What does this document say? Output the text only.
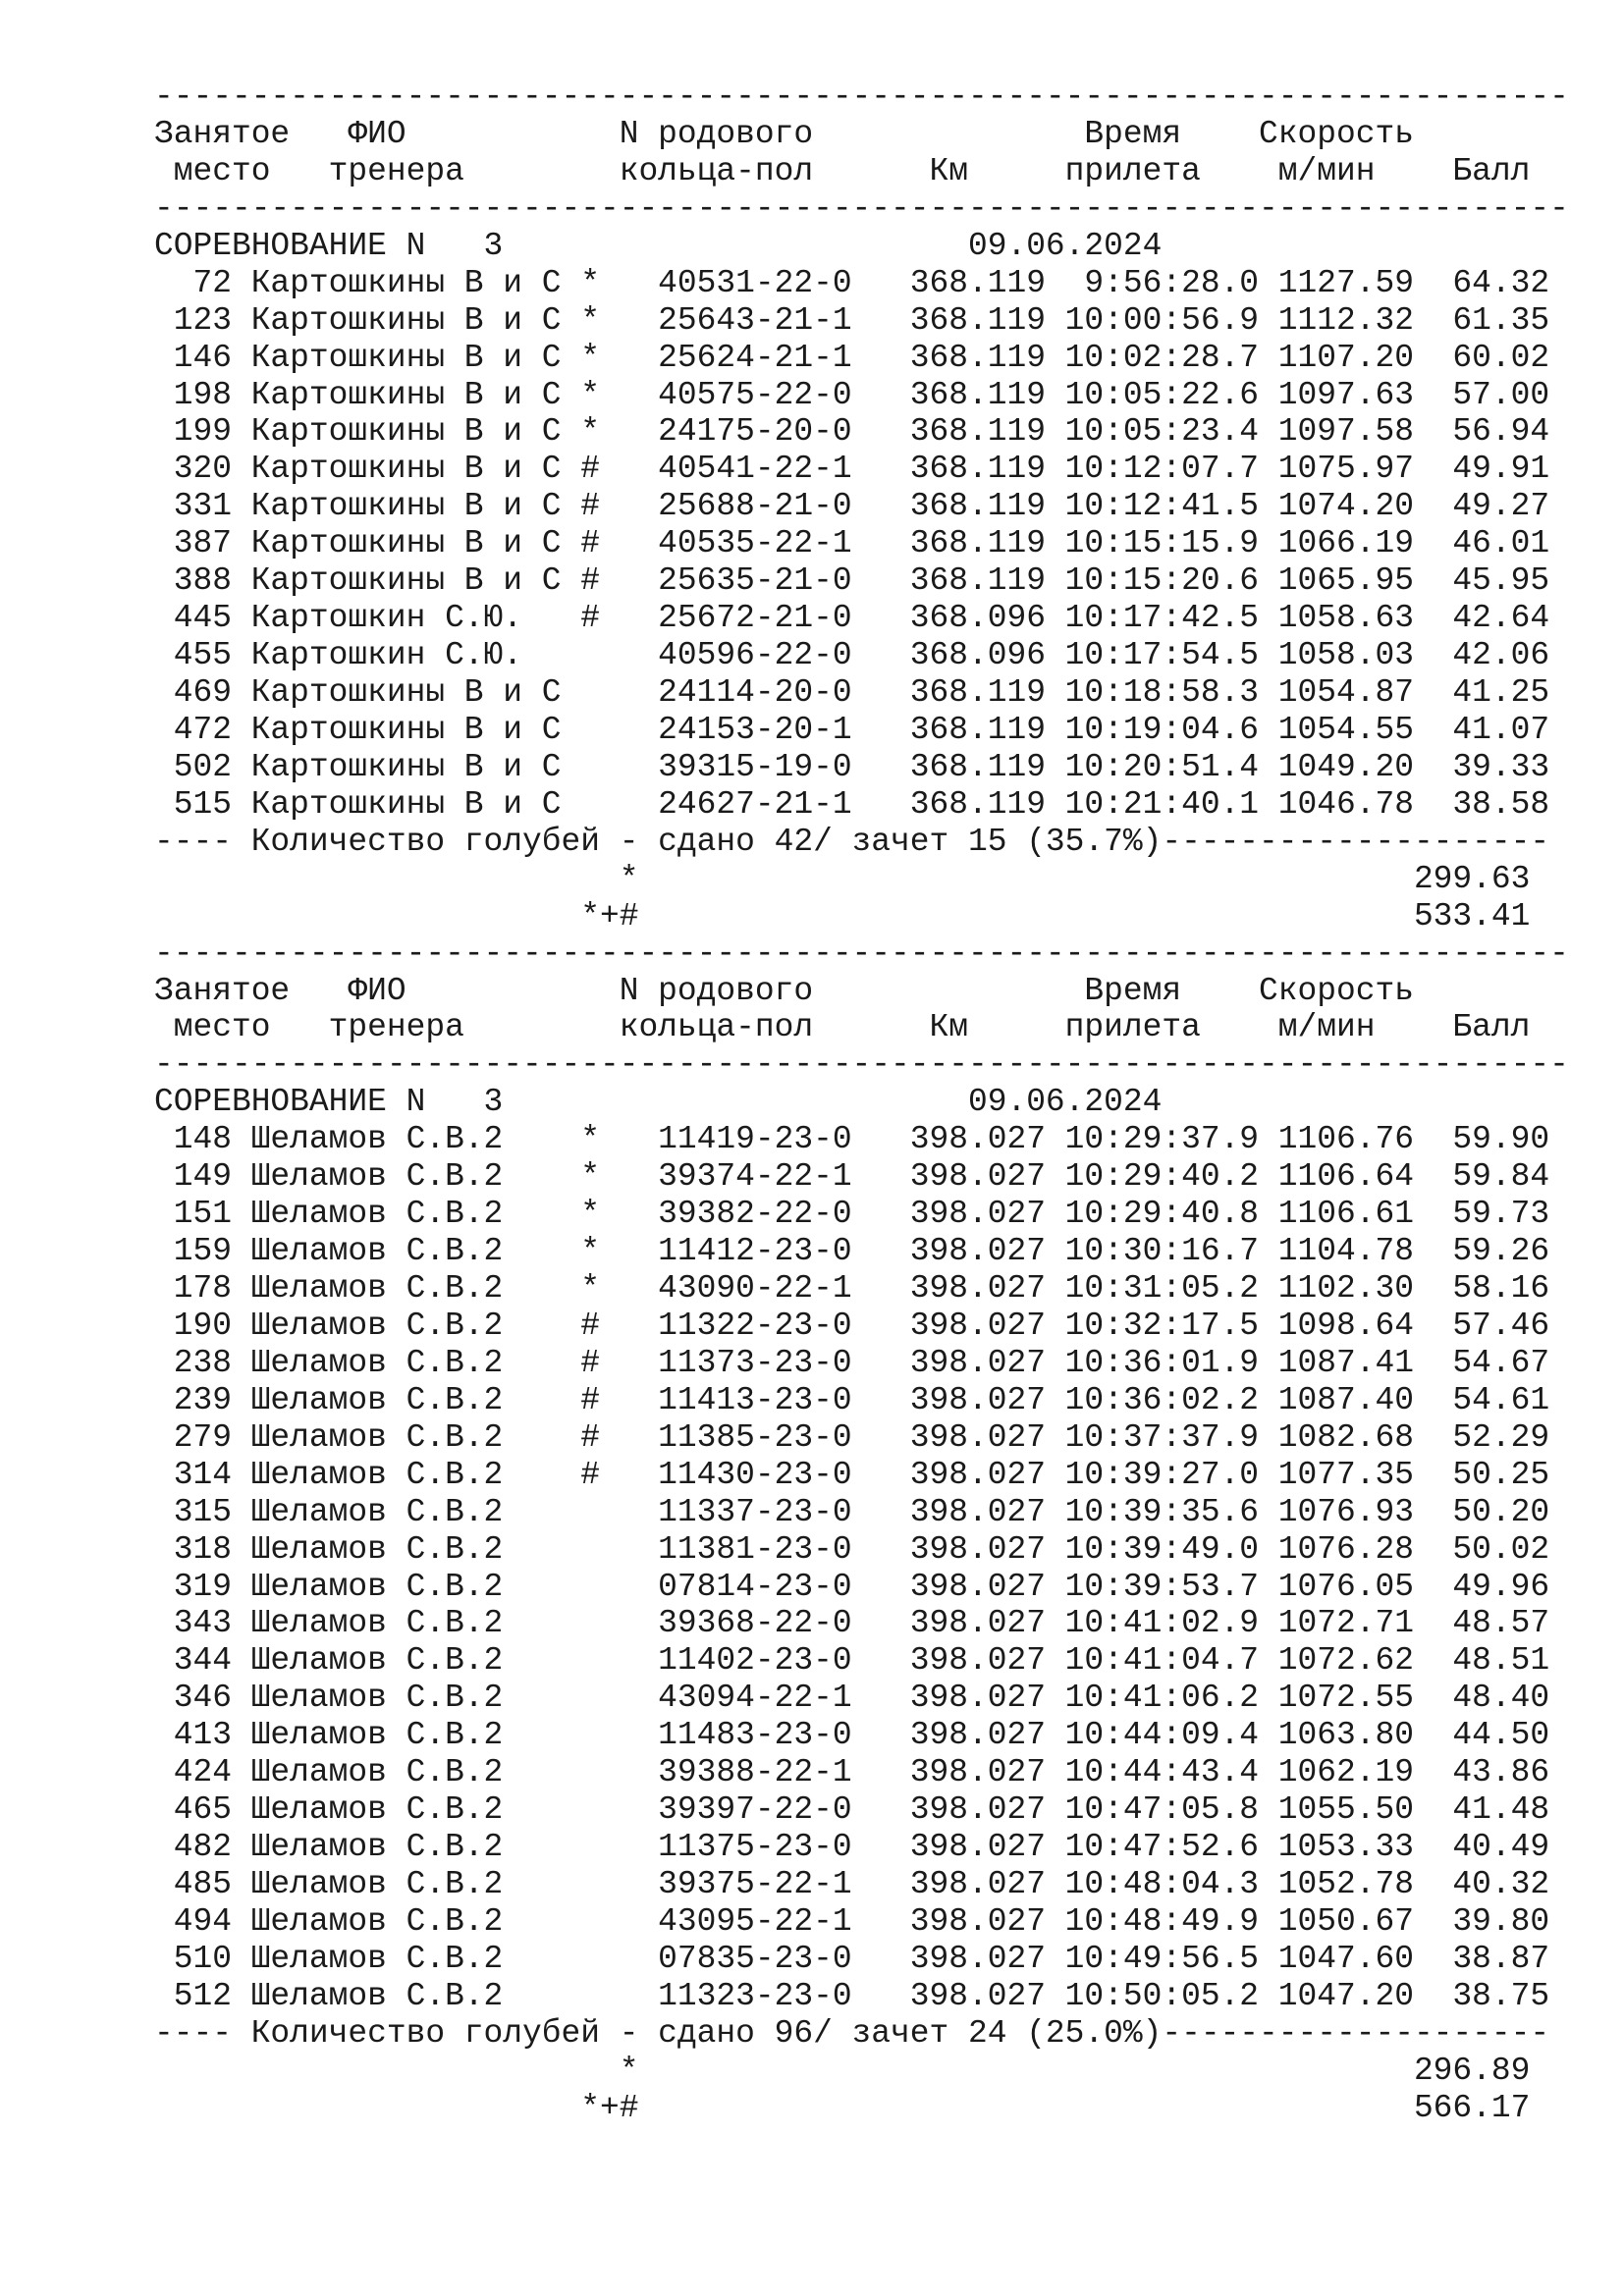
-------------------------------------------------------------------------
Занятое   ФИО           N родового              Время    Скорость
место   тренера        кольца-пол      Км     прилета    м/мин    Балл
-------------------------------------------------------------------------
СОРЕВНОВАНИЕ N   3                        09.06.2024
72 Картошкины В и С *   40531-22-0   368.119  9:56:28.0 1127.59  64.32
123 Картошкины В и С *   25643-21-1   368.119 10:00:56.9 1112.32  61.35
146 Картошкины В и С *   25624-21-1   368.119 10:02:28.7 1107.20  60.02
198 Картошкины В и С *   40575-22-0   368.119 10:05:22.6 1097.63  57.00
199 Картошкины В и С *   24175-20-0   368.119 10:05:23.4 1097.58  56.94
320 Картошкины В и С #   40541-22-1   368.119 10:12:07.7 1075.97  49.91
331 Картошкины В и С #   25688-21-0   368.119 10:12:41.5 1074.20  49.27
387 Картошкины В и С #   40535-22-1   368.119 10:15:15.9 1066.19  46.01
388 Картошкины В и С #   25635-21-0   368.119 10:15:20.6 1065.95  45.95
445 Картошкин С.Ю.   #   25672-21-0   368.096 10:17:42.5 1058.63  42.64
455 Картошкин С.Ю.       40596-22-0   368.096 10:17:54.5 1058.03  42.06
469 Картошкины В и С     24114-20-0   368.119 10:18:58.3 1054.87  41.25
472 Картошкины В и С     24153-20-1   368.119 10:19:04.6 1054.55  41.07
502 Картошкины В и С     39315-19-0   368.119 10:20:51.4 1049.20  39.33
515 Картошкины В и С     24627-21-1   368.119 10:21:40.1 1046.78  38.58
---- Количество голубей - сдано 42/ зачет 15 (35.7%)--------------------
*                                        299.63
*+#                                        533.41
-------------------------------------------------------------------------
Занятое   ФИО           N родового              Время    Скорость
место   тренера        кольца-пол      Км     прилета    м/мин    Балл
-------------------------------------------------------------------------
СОРЕВНОВАНИЕ N   3                        09.06.2024
148 Шеламов С.В.2    *   11419-23-0   398.027 10:29:37.9 1106.76  59.90
149 Шеламов С.В.2    *   39374-22-1   398.027 10:29:40.2 1106.64  59.84
151 Шеламов С.В.2    *   39382-22-0   398.027 10:29:40.8 1106.61  59.73
159 Шеламов С.В.2    *   11412-23-0   398.027 10:30:16.7 1104.78  59.26
178 Шеламов С.В.2    *   43090-22-1   398.027 10:31:05.2 1102.30  58.16
190 Шеламов С.В.2    #   11322-23-0   398.027 10:32:17.5 1098.64  57.46
238 Шеламов С.В.2    #   11373-23-0   398.027 10:36:01.9 1087.41  54.67
239 Шеламов С.В.2    #   11413-23-0   398.027 10:36:02.2 1087.40  54.61
279 Шеламов С.В.2    #   11385-23-0   398.027 10:37:37.9 1082.68  52.29
314 Шеламов С.В.2    #   11430-23-0   398.027 10:39:27.0 1077.35  50.25
315 Шеламов С.В.2        11337-23-0   398.027 10:39:35.6 1076.93  50.20
318 Шеламов С.В.2        11381-23-0   398.027 10:39:49.0 1076.28  50.02
319 Шеламов С.В.2        07814-23-0   398.027 10:39:53.7 1076.05  49.96
343 Шеламов С.В.2        39368-22-0   398.027 10:41:02.9 1072.71  48.57
344 Шеламов С.В.2        11402-23-0   398.027 10:41:04.7 1072.62  48.51
346 Шеламов С.В.2        43094-22-1   398.027 10:41:06.2 1072.55  48.40
413 Шеламов С.В.2        11483-23-0   398.027 10:44:09.4 1063.80  44.50
424 Шеламов С.В.2        39388-22-1   398.027 10:44:43.4 1062.19  43.86
465 Шеламов С.В.2        39397-22-0   398.027 10:47:05.8 1055.50  41.48
482 Шеламов С.В.2        11375-23-0   398.027 10:47:52.6 1053.33  40.49
485 Шеламов С.В.2        39375-22-1   398.027 10:48:04.3 1052.78  40.32
494 Шеламов С.В.2        43095-22-1   398.027 10:48:49.9 1050.67  39.80
510 Шеламов С.В.2        07835-23-0   398.027 10:49:56.5 1047.60  38.87
512 Шеламов С.В.2        11323-23-0   398.027 10:50:05.2 1047.20  38.75
---- Количество голубей - сдано 96/ зачет 24 (25.0%)--------------------
*                                        296.89
*+#                                        566.17
